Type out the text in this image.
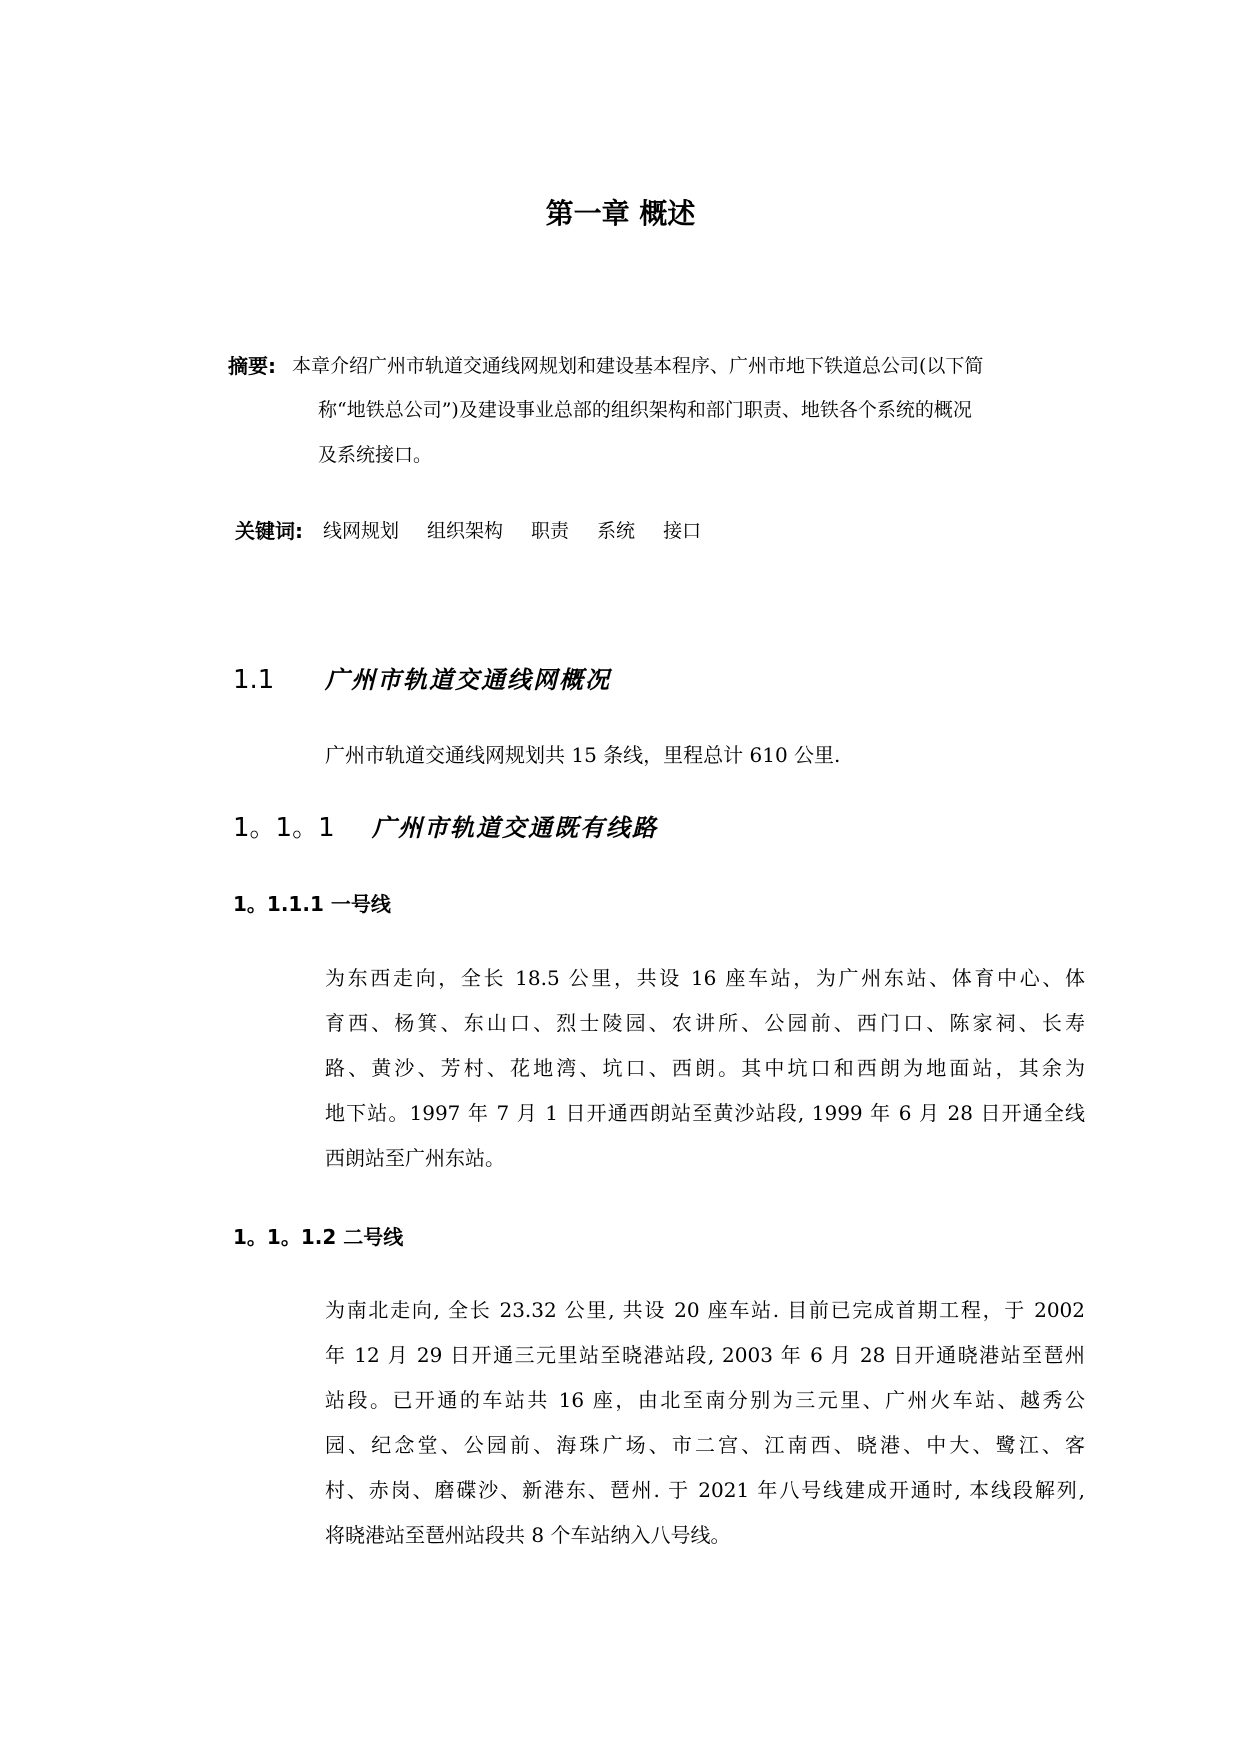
第一章 概述
摘要: 本章介绍广州市轨道交通线网规划和建设基本程序、广州市地下铁道总公司(以下简
称“地铁总公司”)及建设事业总部的组织架构和部门职责、地铁各个系统的概况
及系统接口。
关键词: 线网规划 组织架构 职责 系统 接口
1.1 广州市轨道交通线网概况
广州市轨道交通线网规划共 15 条线，里程总计 610 公里.
1。1。1 广州市轨道交通既有线路
1。1.1.1 一号线
为东西走向，全长 18.5 公里，共设 16 座车站，为广州东站、体育中心、体
育西、杨箕、东山口、烈士陵园、农讲所、公园前、西门口、陈家祠、长寿
路、黄沙、芳村、花地湾、坑口、西朗。其中坑口和西朗为地面站，其余为
地下站。1997 年 7 月 1 日开通西朗站至黄沙站段, 1999 年 6 月 28 日开通全线
西朗站至广州东站。
1。1。1.2 二号线
为南北走向, 全长 23.32 公里, 共设 20 座车站. 目前已完成首期工程，于 2002
年 12 月 29 日开通三元里站至晓港站段, 2003 年 6 月 28 日开通晓港站至琶州
站段。已开通的车站共 16 座，由北至南分别为三元里、广州火车站、越秀公
园、纪念堂、公园前、海珠广场、市二宫、江南西、晓港、中大、鹭江、客
村、赤岗、磨碟沙、新港东、琶州. 于 2021 年八号线建成开通时, 本线段解列,
将晓港站至琶州站段共 8 个车站纳入八号线。
